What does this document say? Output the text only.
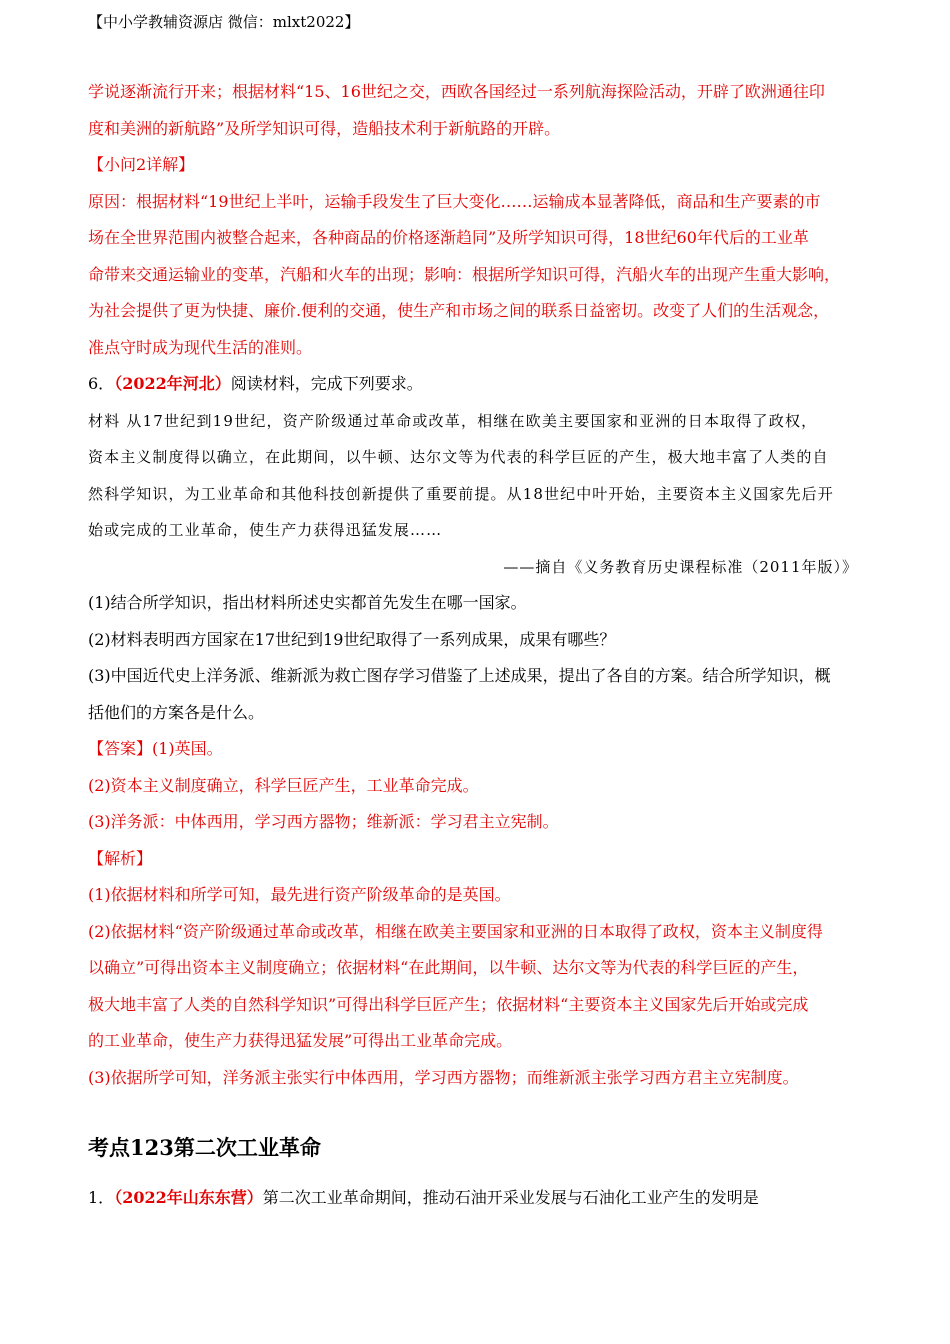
【中小学教辅资源店 微信：mlxt2022】
学说逐渐流行开来；根据材料“15、16世纪之交，西欧各国经过一系列航海探险活动，开辟了欧洲通往印
度和美洲的新航路”及所学知识可得，造船技术利于新航路的开辟。
【小问2详解】
原因：根据材料“19世纪上半叶，运输手段发生了巨大变化……运输成本显著降低，商品和生产要素的市
场在全世界范围内被整合起来，各种商品的价格逐渐趋同”及所学知识可得，18世纪60年代后的工业革
命带来交通运输业的变革，汽船和火车的出现；影响：根据所学知识可得，汽船火车的出现产生重大影响，
为社会提供了更为快捷、廉价.便利的交通，使生产和市场之间的联系日益密切。改变了人们的生活观念，
准点守时成为现代生活的准则。
6．（2022年河北）阅读材料，完成下列要求。
材料 从17世纪到19世纪，资产阶级通过革命或改革，相继在欧美主要国家和亚洲的日本取得了政权，
资本主义制度得以确立，在此期间，以牛顿、达尔文等为代表的科学巨匠的产生，极大地丰富了人类的自
然科学知识，为工业革命和其他科技创新提供了重要前提。从18世纪中叶开始，主要资本主义国家先后开
始或完成的工业革命，使生产力获得迅猛发展……
——摘自《义务教育历史课程标准（2011年版）》
(1)结合所学知识，指出材料所述史实都首先发生在哪一国家。
(2)材料表明西方国家在17世纪到19世纪取得了一系列成果，成果有哪些？
(3)中国近代史上洋务派、维新派为救亡图存学习借鉴了上述成果，提出了各自的方案。结合所学知识，概
括他们的方案各是什么。
【答案】(1)英国。
(2)资本主义制度确立，科学巨匠产生，工业革命完成。
(3)洋务派：中体西用，学习西方器物；维新派：学习君主立宪制。
【解析】
(1)依据材料和所学可知，最先进行资产阶级革命的是英国。
(2)依据材料“资产阶级通过革命或改革，相继在欧美主要国家和亚洲的日本取得了政权，资本主义制度得
以确立”可得出资本主义制度确立；依据材料“在此期间，以牛顿、达尔文等为代表的科学巨匠的产生，
极大地丰富了人类的自然科学知识”可得出科学巨匠产生；依据材料“主要资本主义国家先后开始或完成
的工业革命，使生产力获得迅猛发展”可得出工业革命完成。
(3)依据所学可知，洋务派主张实行中体西用，学习西方器物；而维新派主张学习西方君主立宪制度。
考点123第二次工业革命
1．（2022年山东东营）第二次工业革命期间，推动石油开采业发展与石油化工业产生的发明是
